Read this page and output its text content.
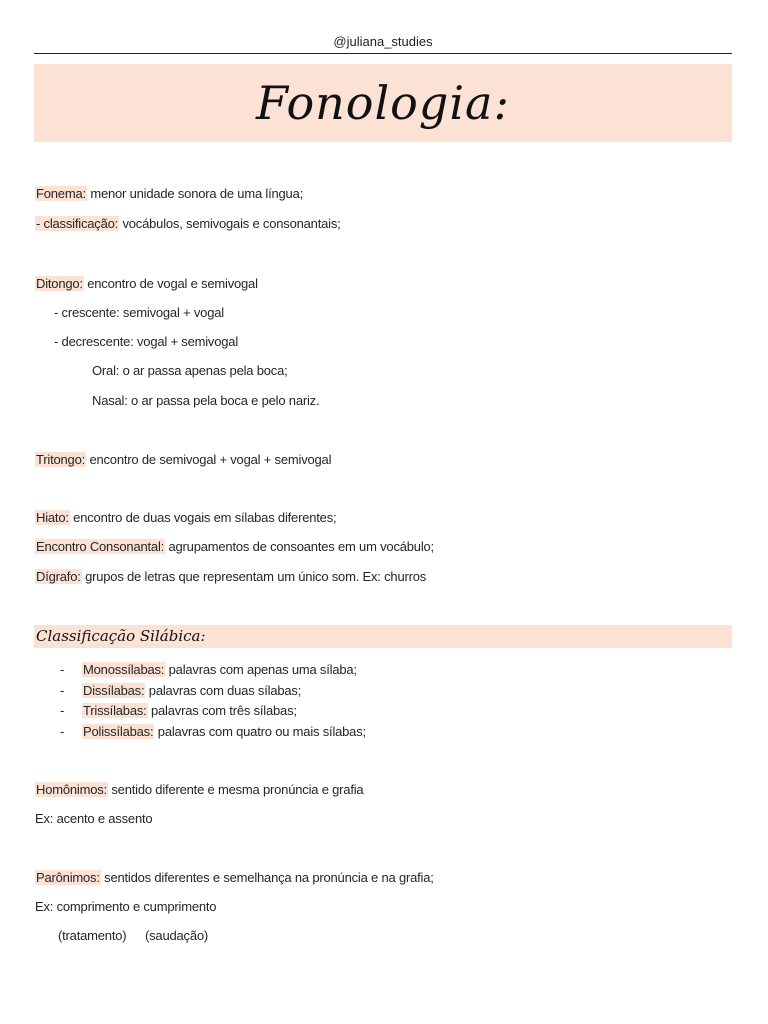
@juliana_studies
Fonologia:
Fonema: menor unidade sonora de uma língua;
- classificação: vocábulos, semivogais e consonantais;
Ditongo: encontro de vogal e semivogal
- crescente: semivogal + vogal
- decrescente: vogal + semivogal
Oral: o ar passa apenas pela boca;
Nasal: o ar passa pela boca e pelo nariz.
Tritongo: encontro de semivogal + vogal + semivogal
Hiato: encontro de duas vogais em sílabas diferentes;
Encontro Consonantal: agrupamentos de consoantes em um vocábulo;
Dígrafo: grupos de letras que representam um único som. Ex: churros
Classificação Silábica:
- Monossílabas: palavras com apenas uma sílaba;
- Dissílabas: palavras com duas sílabas;
- Trissílabas: palavras com três sílabas;
- Polissílabas: palavras com quatro ou mais sílabas;
Homônimos: sentido diferente e mesma pronúncia e grafia
Ex: acento e assento
Parônimos: sentidos diferentes e semelhança na pronúncia e na grafia;
Ex: comprimento e cumprimento
(tratamento) (saudação)
